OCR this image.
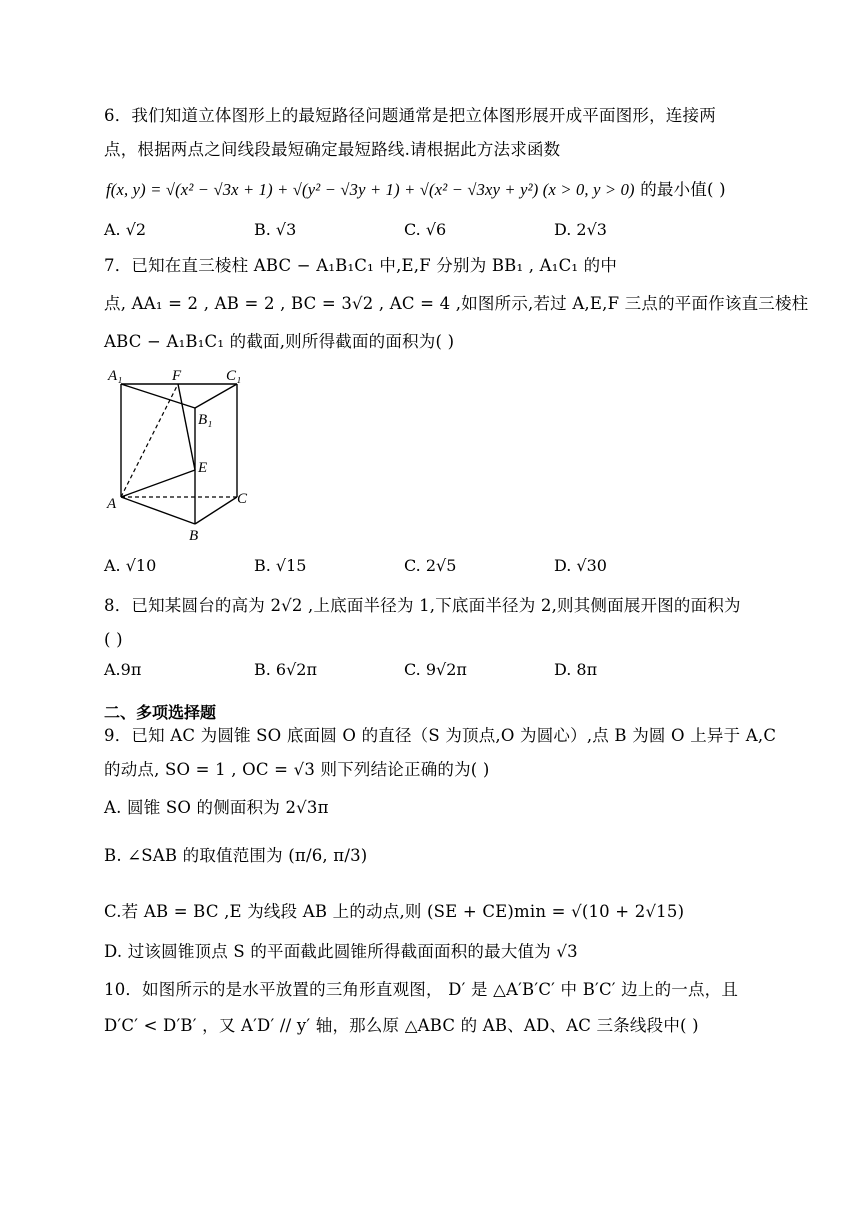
6．我们知道立体图形上的最短路径问题通常是把立体图形展开成平面图形，连接两
点，根据两点之间线段最短确定最短路线.请根据此方法求函数
f(x, y) = √(x² − √3x + 1) + √(y² − √3y + 1) + √(x² − √3xy + y²) (x > 0, y > 0) 的最小值( )
A. √2	B. √3	C. √6	D. 2√3
7．已知在直三棱柱 ABC − A₁B₁C₁ 中,E,F 分别为 BB₁ , A₁C₁ 的中
点, AA₁ = 2 , AB = 2 , BC = 3√2 , AC = 4 ,如图所示,若过 A,E,F 三点的平面作该直三棱柱
ABC − A₁B₁C₁ 的截面,则所得截面的面积为( )
A₁	F	C₁
B₁
E
A	C
B
A. √10	B. √15	C. 2√5	D. √30
8．已知某圆台的高为 2√2 ,上底面半径为 1,下底面半径为 2,则其侧面展开图的面积为
( )
A.9π	B. 6√2π	C. 9√2π	D. 8π
二、多项选择题
9．已知 AC 为圆锥 SO 底面圆 O 的直径（S 为顶点,O 为圆心）,点 B 为圆 O 上异于 A,C
的动点, SO = 1 , OC = √3 则下列结论正确的为( )
A. 圆锥 SO 的侧面积为 2√3π
B. ∠SAB 的取值范围为 (π/6, π/3)
C.若 AB = BC ,E 为线段 AB 上的动点,则 (SE + CE)min = √(10 + 2√15)
D. 过该圆锥顶点 S 的平面截此圆锥所得截面面积的最大值为 √3
10．如图所示的是水平放置的三角形直观图， D′ 是 △A′B′C′ 中 B′C′ 边上的一点，且
D′C′ < D′B′ ，又 A′D′ // y′ 轴，那么原 △ABC 的 AB、AD、AC 三条线段中( )
